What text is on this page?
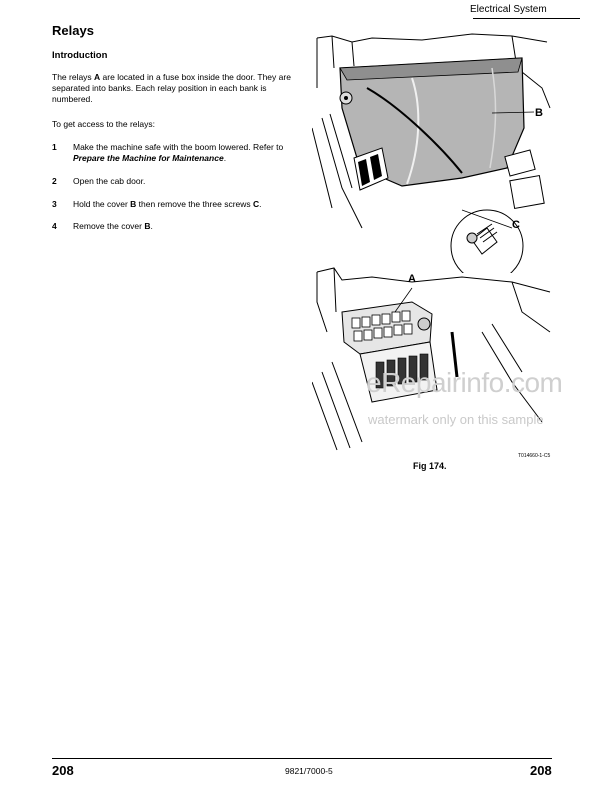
Electrical System
Relays
Introduction
The relays A are located in a fuse box inside the door. They are separated into banks. Each relay position in each bank is numbered.
To get access to the relays:
1 Make the machine safe with the boom lowered. Refer to Prepare the Machine for Maintenance.
2 Open the cab door.
3 Hold the cover B then remove the three screws C.
4 Remove the cover B.
B
C
A
eRepairinfo.com
watermark only on this sample
T014660-1-C5
Fig 174.
208	9821/7000-5	208
